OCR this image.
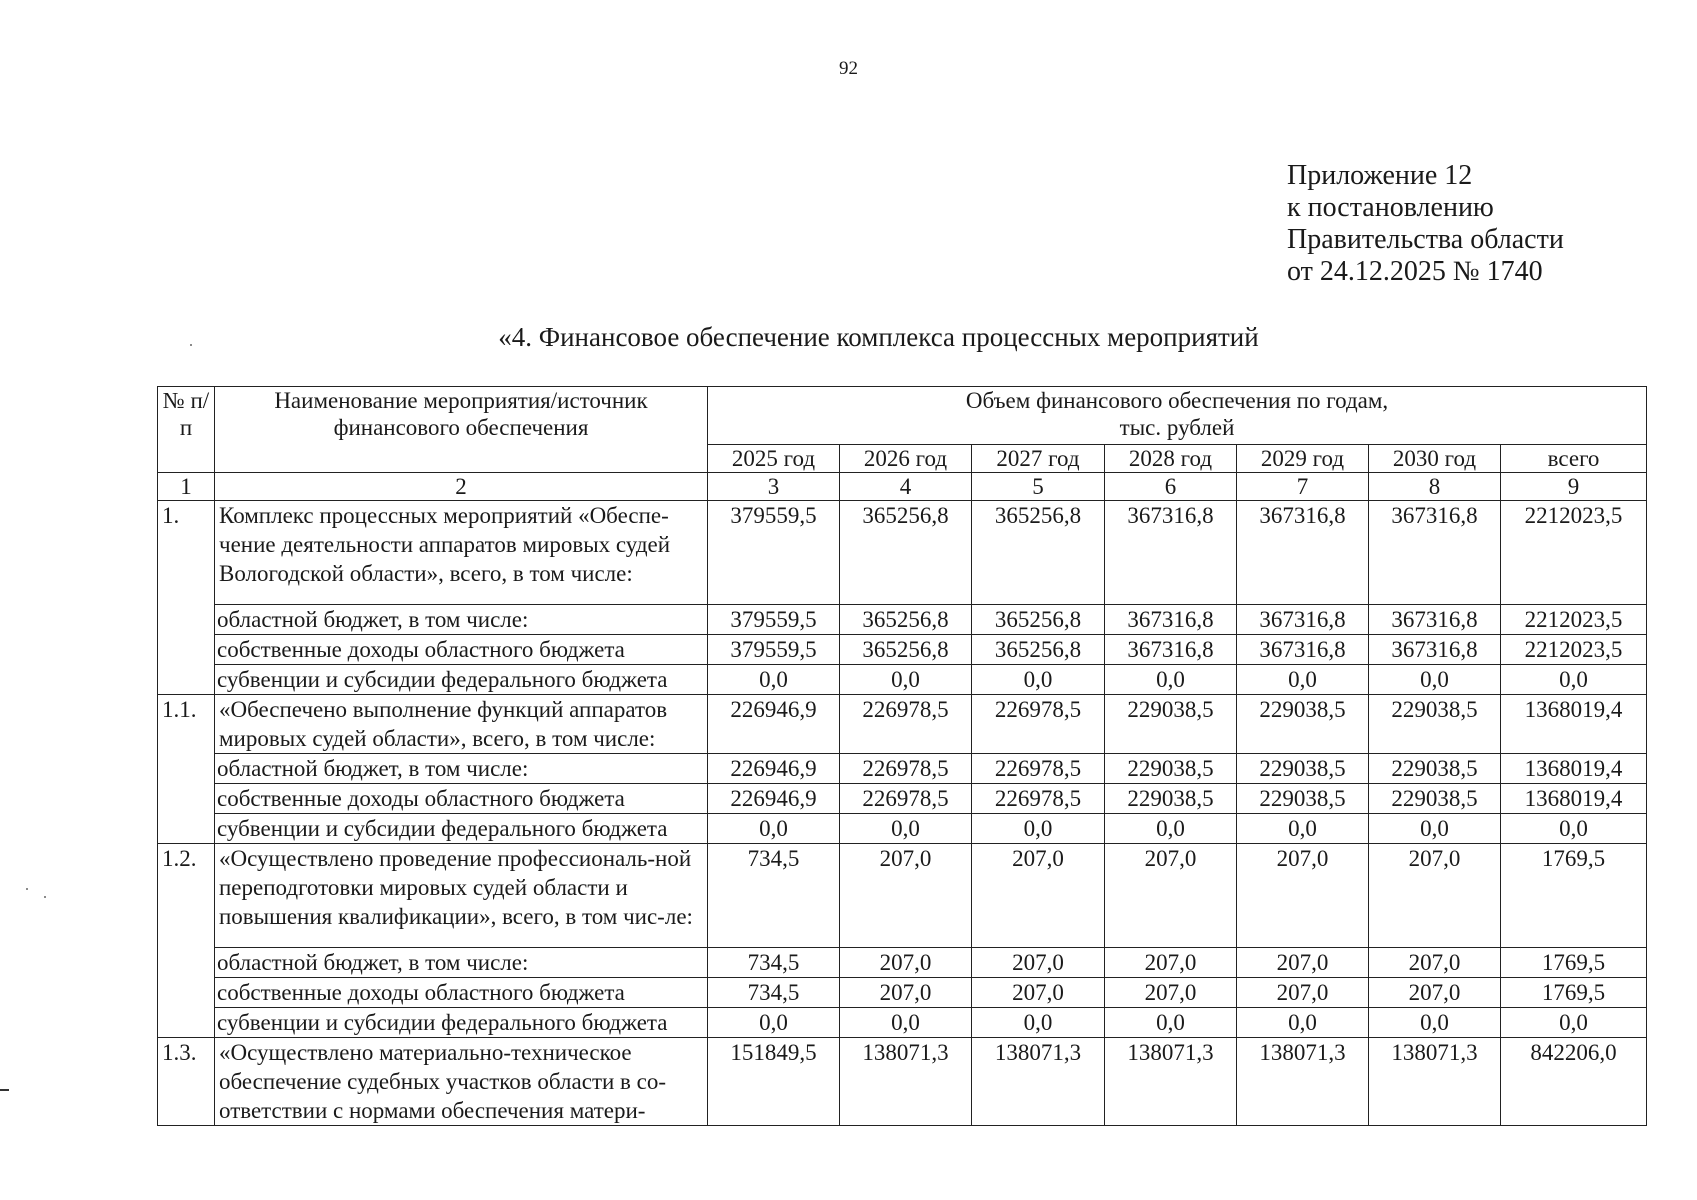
92
Приложение 12
к постановлению
Правительства области
от 24.12.2025 № 1740
«4. Финансовое обеспечение комплекса процессных мероприятий
№ п/п	Наименование мероприятия/источник финансового обеспечения	Объем финансового обеспечения по годам,
тыс. рублей						

		2025 год	2026 год	2027 год	2028 год	2029 год	2030 год	всего
1	2	3	4	5	6	7	8	9
1.	Комплекс процессных мероприятий «Обеспе-чение деятельности аппаратов мировых судей Вологодской области», всего, в том числе:	379559,5	365256,8	365256,8	367316,8	367316,8	367316,8	2212023,5
	областной бюджет, в том числе:	379559,5	365256,8	365256,8	367316,8	367316,8	367316,8	2212023,5
	собственные доходы областного бюджета	379559,5	365256,8	365256,8	367316,8	367316,8	367316,8	2212023,5
	субвенции и субсидии федерального бюджета	0,0	0,0	0,0	0,0	0,0	0,0	0,0
1.1.	«Обеспечено выполнение функций аппаратов мировых судей области», всего, в том числе:	226946,9	226978,5	226978,5	229038,5	229038,5	229038,5	1368019,4
	областной бюджет, в том числе:	226946,9	226978,5	226978,5	229038,5	229038,5	229038,5	1368019,4
	собственные доходы областного бюджета	226946,9	226978,5	226978,5	229038,5	229038,5	229038,5	1368019,4
	субвенции и субсидии федерального бюджета	0,0	0,0	0,0	0,0	0,0	0,0	0,0
1.2.	«Осуществлено проведение профессиональ-ной переподготовки мировых судей области и повышения квалификации», всего, в том чис-ле:	734,5	207,0	207,0	207,0	207,0	207,0	1769,5
	областной бюджет, в том числе:	734,5	207,0	207,0	207,0	207,0	207,0	1769,5
	собственные доходы областного бюджета	734,5	207,0	207,0	207,0	207,0	207,0	1769,5
	субвенции и субсидии федерального бюджета	0,0	0,0	0,0	0,0	0,0	0,0	0,0
1.3.	«Осуществлено материально-техническое обеспечение судебных участков области в со-ответствии с нормами обеспечения матери-	151849,5	138071,3	138071,3	138071,3	138071,3	138071,3	842206,0
